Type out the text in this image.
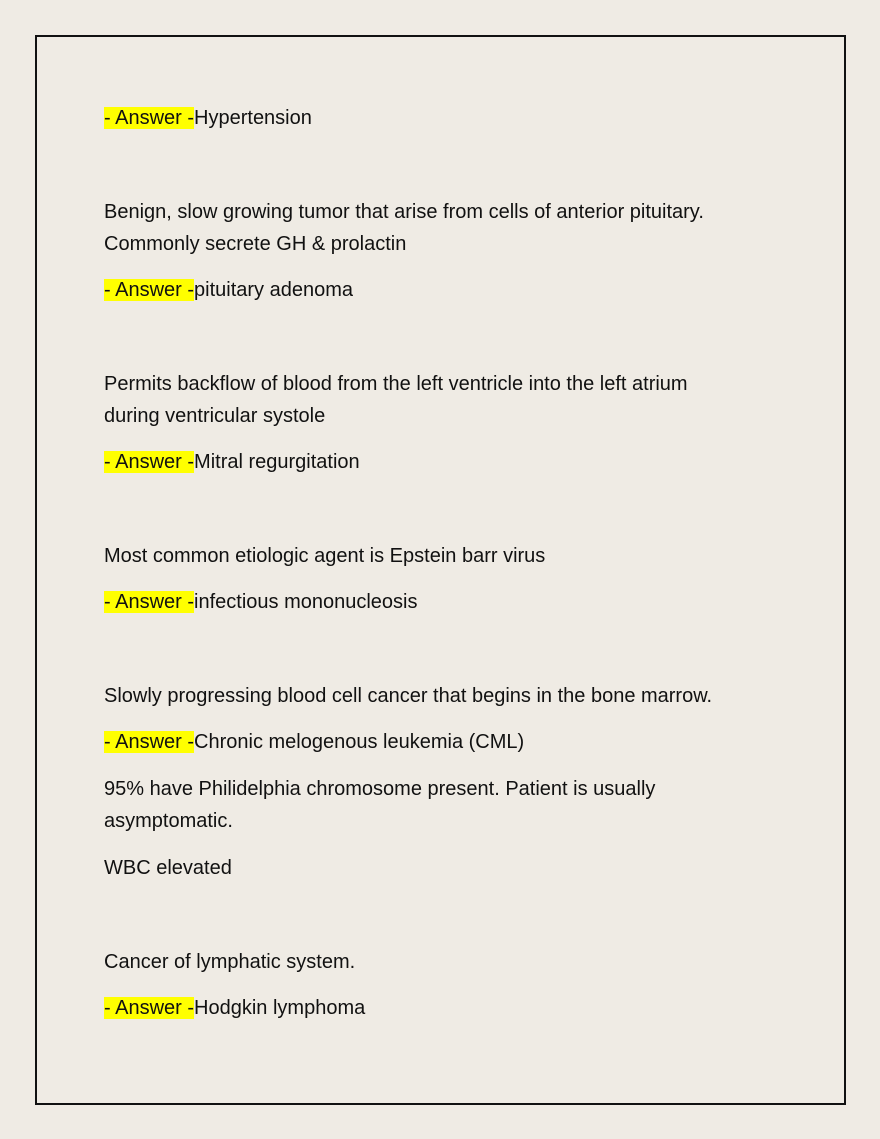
- Answer -Hypertension

Benign, slow growing tumor that arise from cells of anterior pituitary.

Commonly secrete GH & prolactin

- Answer -pituitary adenoma

Permits backflow of blood from the left ventricle into the left atrium

during ventricular systole

- Answer -Mitral regurgitation

Most common etiologic agent is Epstein barr virus

- Answer -infectious mononucleosis

Slowly progressing blood cell cancer that begins in the bone marrow.

- Answer -Chronic melogenous leukemia (CML)

95% have Philidelphia chromosome present. Patient is usually

asymptomatic.

WBC elevated

Cancer of lymphatic system.

- Answer -Hodgkin lymphoma
